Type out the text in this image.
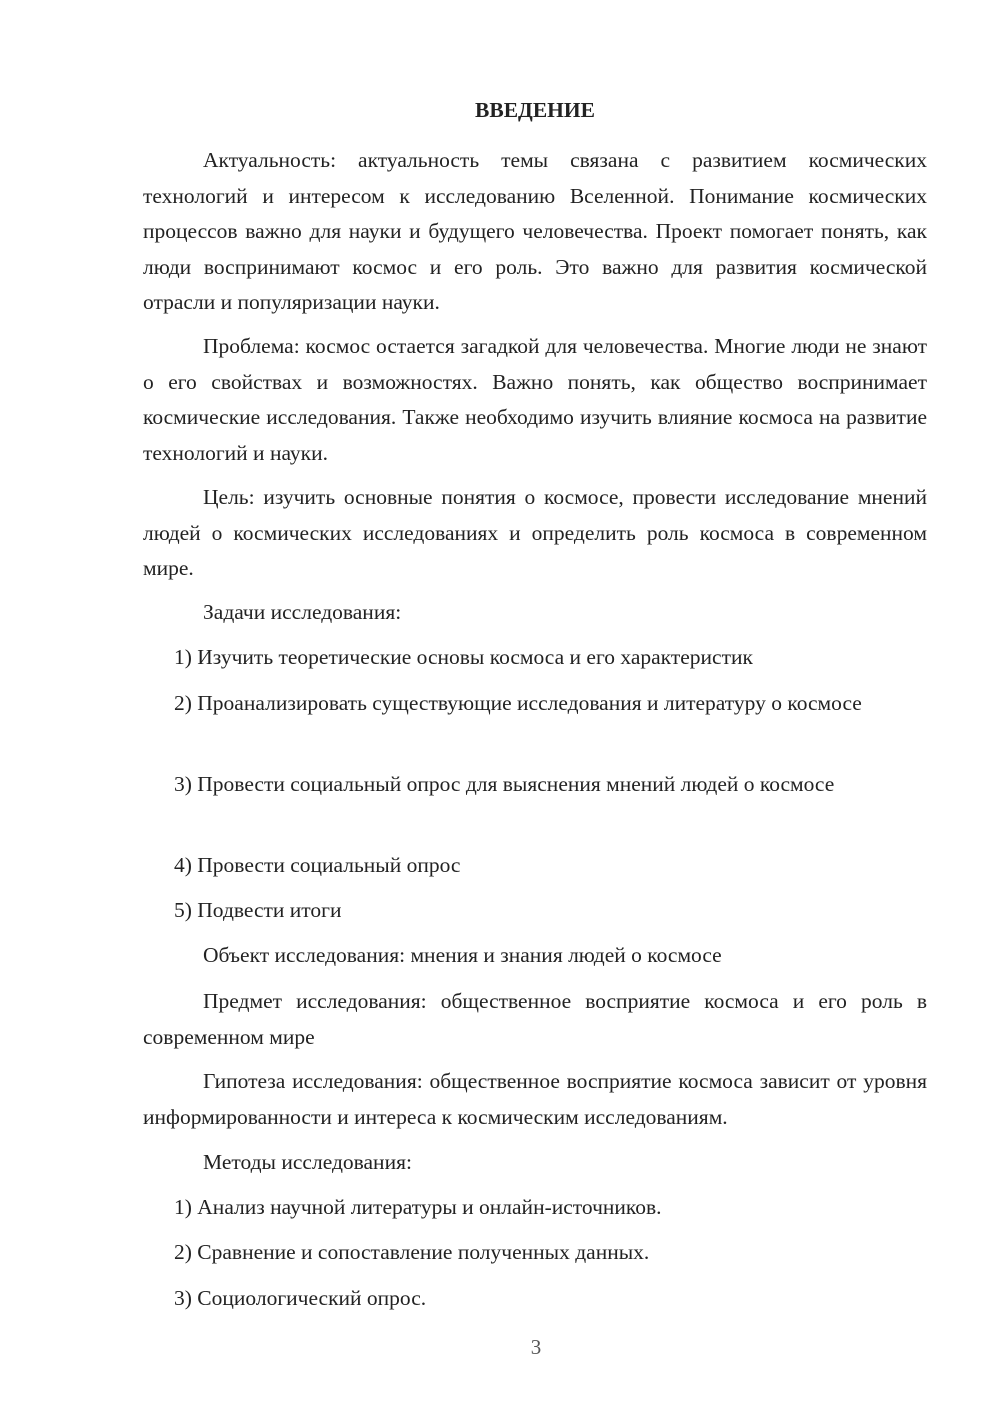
ВВЕДЕНИЕ

Актуальность: актуальность темы связана с развитием космических технологий и интересом к исследованию Вселенной. Понимание космических процессов важно для науки и будущего человечества. Проект помогает понять, как люди воспринимают космос и его роль. Это важно для развития космической отрасли и популяризации науки.

Проблема: космос остается загадкой для человечества. Многие люди не знают о его свойствах и возможностях. Важно понять, как общество воспринимает космические исследования. Также необходимо изучить влияние космоса на развитие технологий и науки.

Цель: изучить основные понятия о космосе, провести исследование мнений людей о космических исследованиях и определить роль космоса в современном мире.

Задачи исследования:

1) Изучить теоретические основы космоса и его характеристик

2) Проанализировать существующие исследования и литературу о космосе

3) Провести социальный опрос для выяснения мнений людей о космосе

4) Провести социальный опрос

5) Подвести итоги

Объект исследования: мнения и знания людей о космосе

Предмет исследования: общественное восприятие космоса и его роль в современном мире

Гипотеза исследования: общественное восприятие космоса зависит от уровня информированности и интереса к космическим исследованиям.

Методы исследования:

1) Анализ научной литературы и онлайн-источников.

2) Сравнение и сопоставление полученных данных.

3) Социологический опрос.

3
